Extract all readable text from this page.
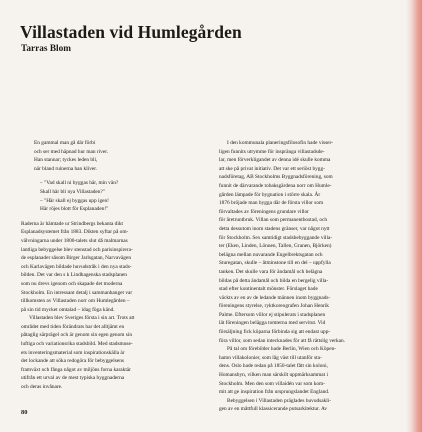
Villastaden vid Humlegården
Tarras Blom
En gammal man gå där förbi
och ser med häpnad hur man river.
Han stannar; tyckes leden bli,
när bland ruinerna han kliver.
– "Vad skall ni byggas här, min vän?
Skall här bli nya Villastaden?"
– "Här skall ej byggas upp igen!
Här röjes blott för Esplanaden!"
Raderna är hämtade ur Strindbergs bekanta dikt
Esplanadsystemet från 1883. Dikten syftar på om-
välvningarna under 1800-talets slut då malmarnas
lantliga bebyggelse blev stenstad och parisinspirera-
de esplanader såsom Birger Jarlsgatan, Narvavägen
och Karlavägen bildade huvudstråk i den nya stads-
bilden. Det var den s k Lindhagenska stadsplanen
som nu drevs igenom och skapade det moderna
Stockholm. En intressant detalj i sammanhanget var
tillkomsten av Villastaden norr om Humlegården –
på sin tid mycket omtalad – idag föga känd.
Villastaden blev Sveriges första i sin art. Trots att
området med tiden förändrats har det alltjämt en
påtaglig särprägel och är genom sin egen genom sin
luftiga och variationsrika stadsbild. Med stadsmuse-
ets inventeringsmaterial som inspirationskälla är
det lockande att söka redogöra för bebyggelsens
framväxt och fånga något av miljöns forna karaktär
utifrån ett urval av de mest typiska byggnaderna
och deras invånare.
I den kommunala planeringsfilosofin hade visser-
ligen funnits utrymme för inspränga villastadsde-
lar, men förverkligandet av denna idé skulle komma
att ske på privat initiativ. Det var ett seriöst bygg-
nadsföretag, AB Stockholms Byggnadsförening, som
funnit de därvarande tobaksgärdena norr om Humle-
gården lämpade för bygnation i större skala. År
1876 bröjade man bygga där de första villor som
förvaltades av föreningens grundare villor
för åretruntbruk. Villan som permanentbostad, och
detta dessutom inom stadens gränser, var något nytt
för Stockholm. Sex samtidigt stadsbebyggande villa-
ter (Eken, Linden, Lönnen, Tallen, Granen, Björken)
belägna mellan nuvarande Engelbrektsgatan och
Sturegatan, skulle – åtminstone till en del – uppfylla
tanken. Det skulle vara för ändamål och belägna
bildas på detta ändamål och bilda en bergelig villa-
stad efter kontinentalt mönster. Förslaget hade
väckts av en av de ledande männen inom byggnads-
föreningens styrelse, ryktkoreografen Johan Henrik
Palme. Eftersom villor ej stipulerats i stadsplanen
lät föreningen belägga tomterna med servitut. Vid
försäljning fick köparna förbinda sig att endast upp-
föra villor, som sedan intecknades för att få rättslig verkan.
På tal om förebilder hade Berlin, Wien och Köpen-
hamn villakolonier, som låg väst till utanför sta-
dens. Oslo hade redan på 1850-talet fått sin koloni,
Homansbyn, vilken man särskilt uppmärksammat i
Stockholm. Men den som villaidén var som kom-
mit att ge inspiration från ursprungslandet England.
Bebyggelsen i Villastaden präglades huvudsakli-
gen av en måttfull klassicerande putsarkitektur. Av
80
